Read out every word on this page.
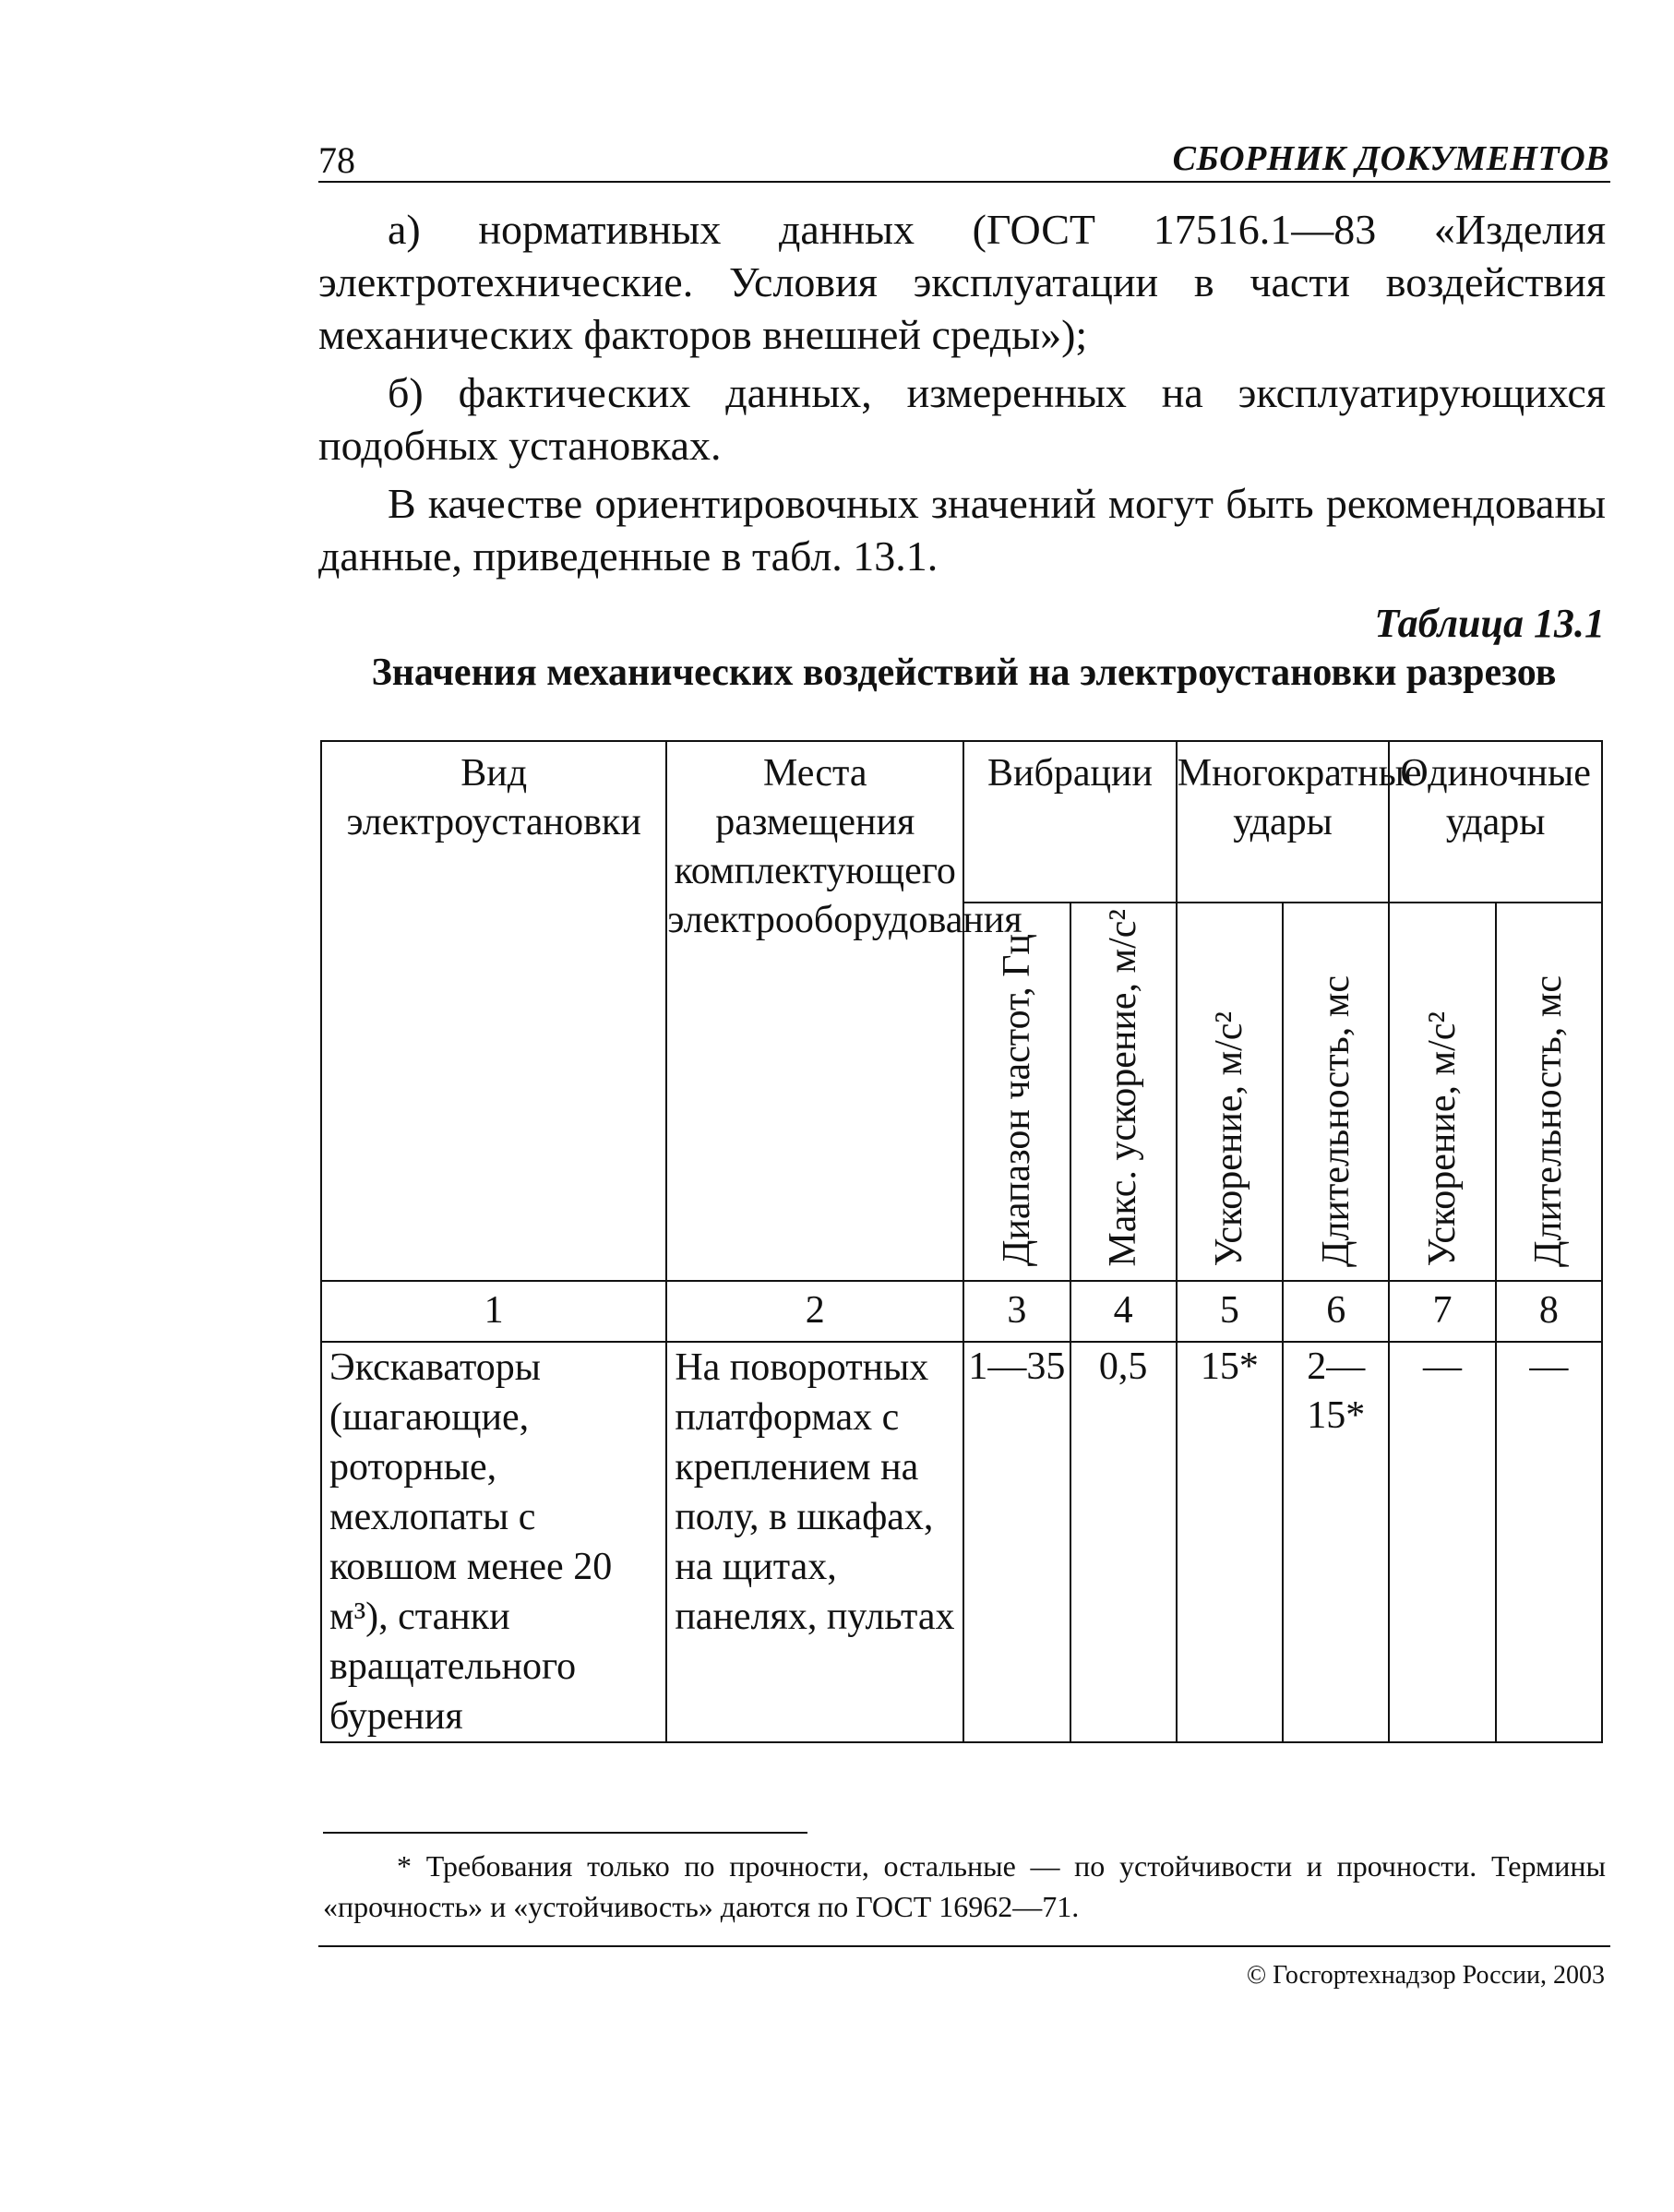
78	СБОРНИК ДОКУМЕНТОВ

а) нормативных данных (ГОСТ 17516.1—83 «Изделия электротехнические. Условия эксплуатации в части воздействия механических факторов внешней среды»);

б) фактических данных, измеренных на эксплуатирующихся подобных установках.

В качестве ориентировочных значений могут быть рекомендованы данные, приведенные в табл. 13.1.

Таблица 13.1
Значения механических воздействий на электроустановки разрезов
Вид электроустановки	Места размещения комплектующего электрооборудования	Вибрации		Многократные удары		Одиночные удары	

		Диапазон частот, Гц	Макс. ускорение, м/с²	Ускорение, м/с²	Длительность, мс	Ускорение, м/с²	Длительность, мс

1	2	3	4	5	6	7	8
Экскаваторы (шагающие, роторные, мехлопаты с ковшом менее 20 м³), станки вращательного бурения	На поворотных платформах с креплением на полу, в шкафах, на щитах, панелях, пультах	1—35	0,5	15*	2—15*	—	—
* Требования только по прочности, остальные — по устойчивости и прочности. Термины «прочность» и «устойчивость» даются по ГОСТ 16962—71.
© Госгортехнадзор России, 2003
